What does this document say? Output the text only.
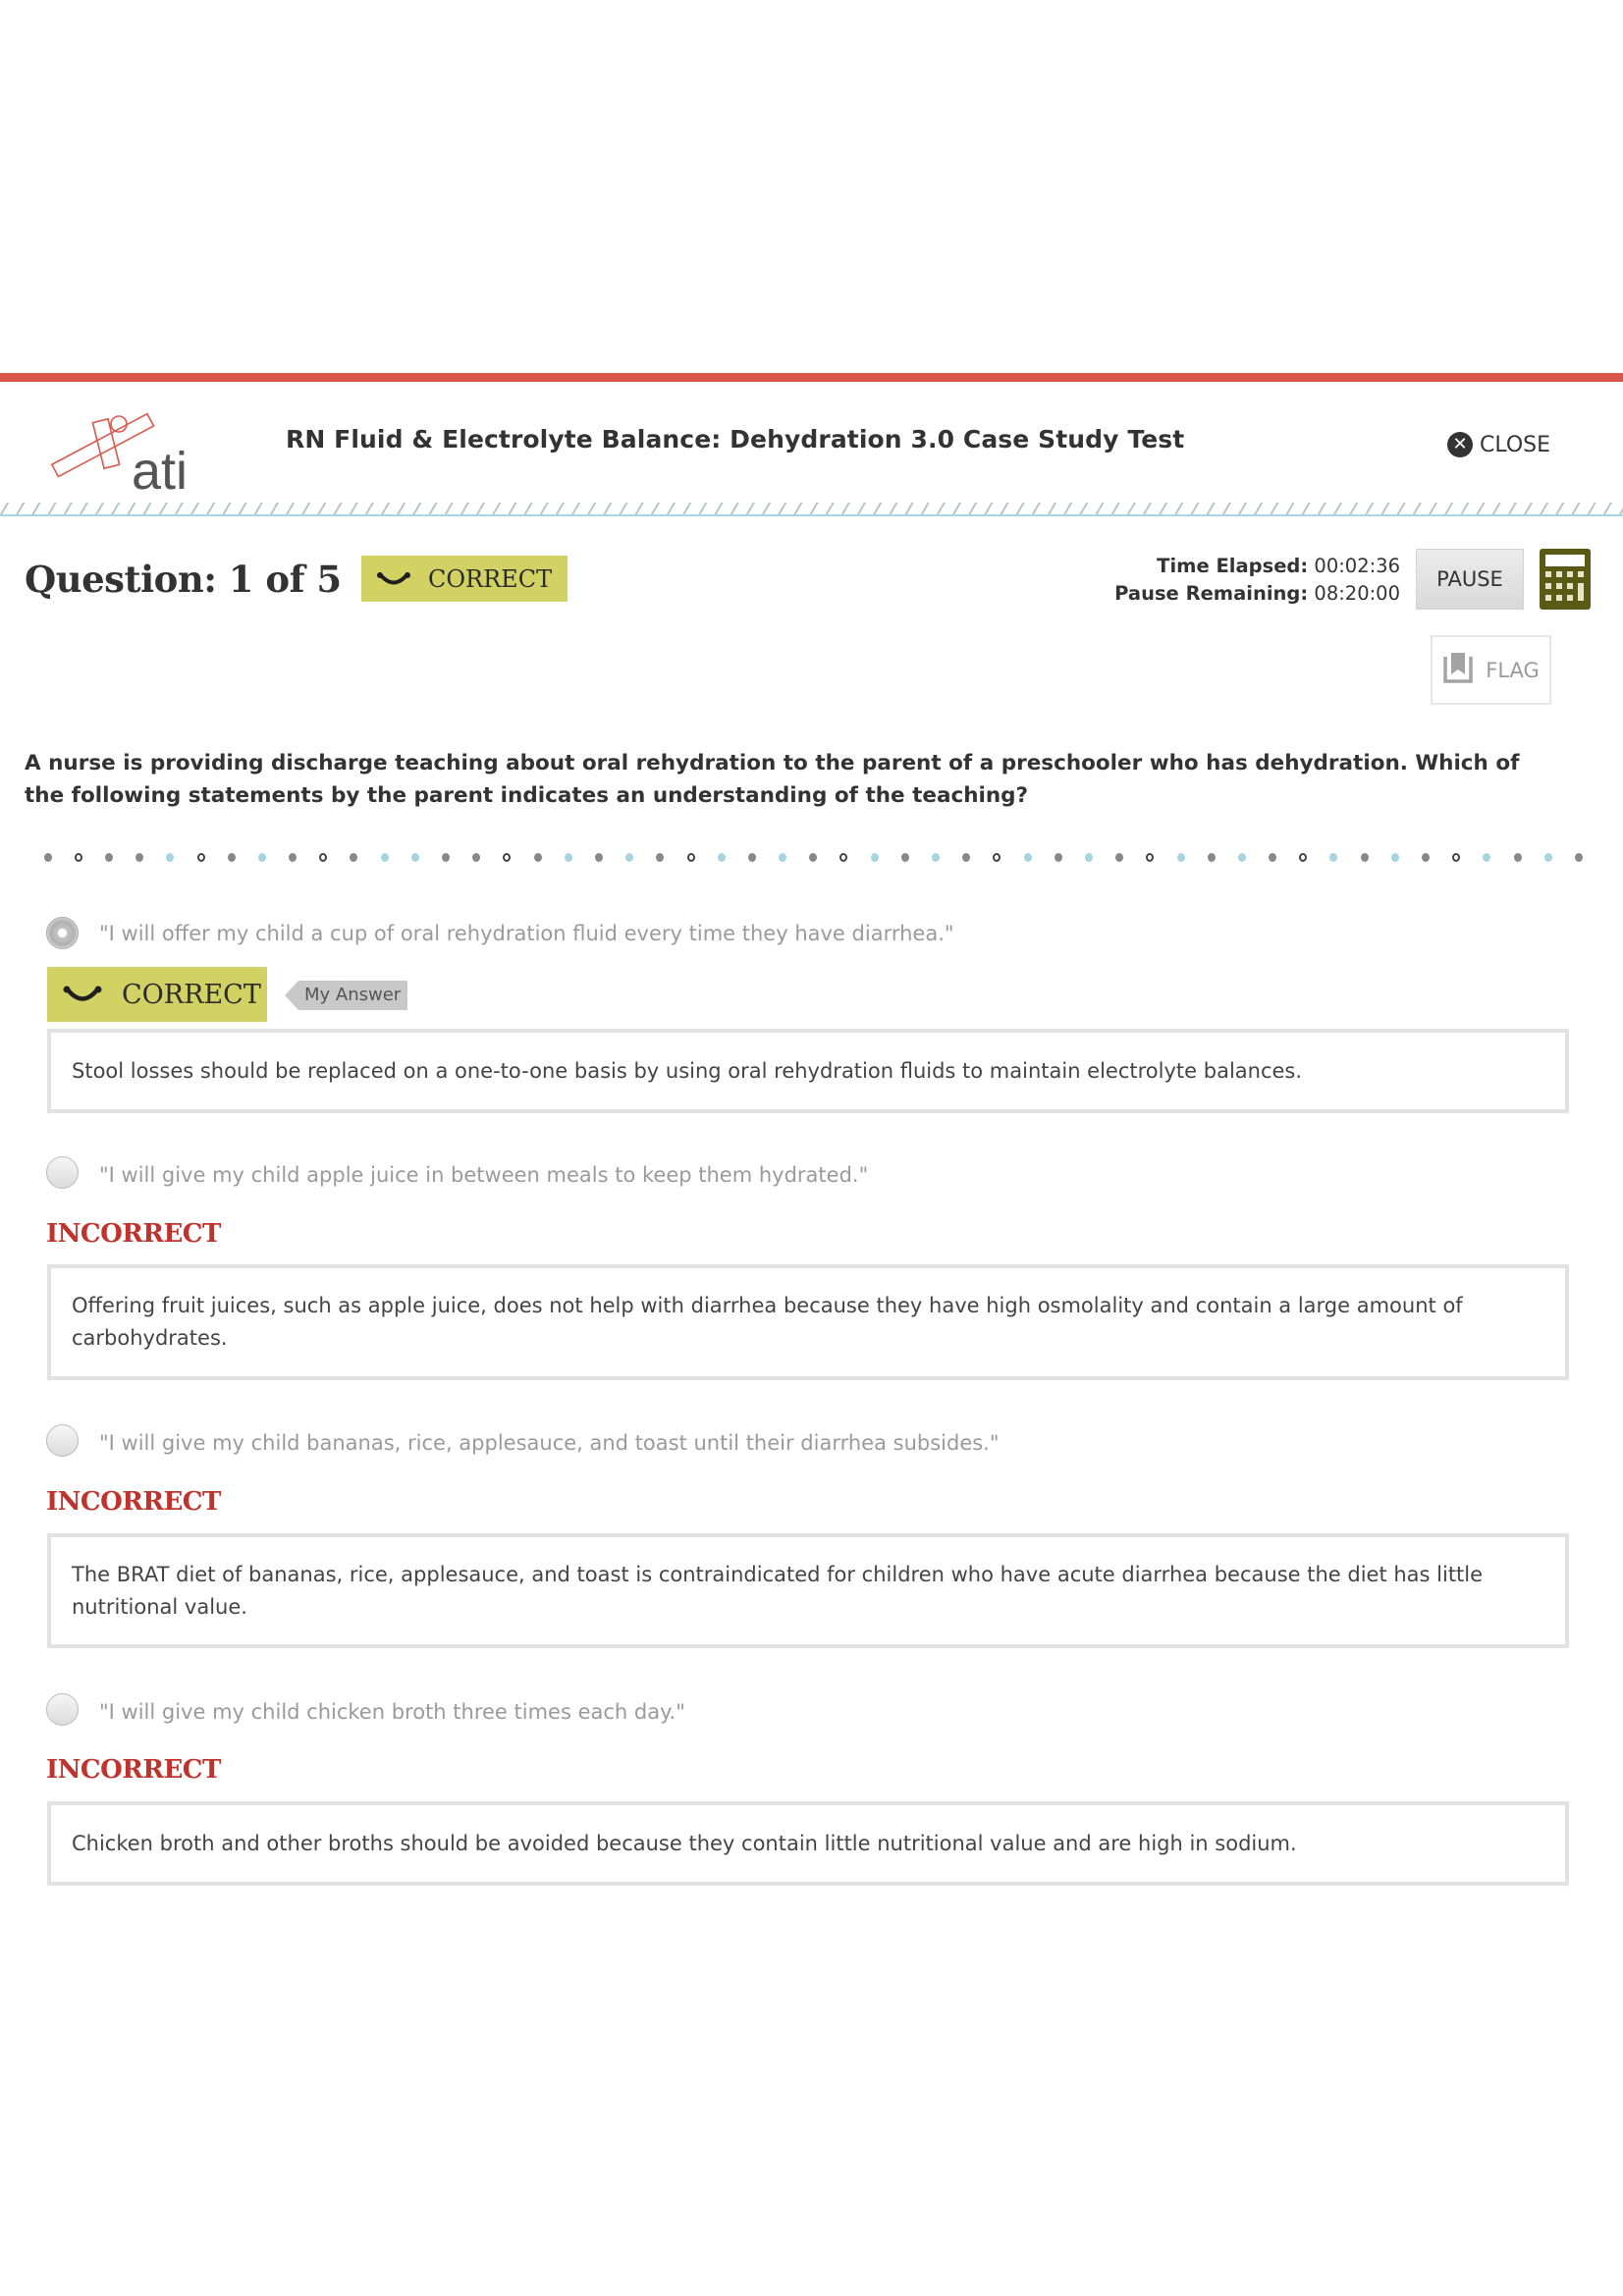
ati
RN Fluid & Electrolyte Balance: Dehydration 3.0 Case Study Test	✕ CLOSE
Question: 1 of 5	CORRECT	Time Elapsed: 00:02:36
Pause Remaining: 08:20:00
PAUSE
FLAG
A nurse is providing discharge teaching about oral rehydration to the parent of a preschooler who has dehydration. Which of the following statements by the parent indicates an understanding of the teaching?
"I will offer my child a cup of oral rehydration fluid every time they have diarrhea."
CORRECT	My Answer
Stool losses should be replaced on a one-to-one basis by using oral rehydration fluids to maintain electrolyte balances.
"I will give my child apple juice in between meals to keep them hydrated."
INCORRECT
Offering fruit juices, such as apple juice, does not help with diarrhea because they have high osmolality and contain a large amount of carbohydrates.
"I will give my child bananas, rice, applesauce, and toast until their diarrhea subsides."
INCORRECT
The BRAT diet of bananas, rice, applesauce, and toast is contraindicated for children who have acute diarrhea because the diet has little nutritional value.
"I will give my child chicken broth three times each day."
INCORRECT
Chicken broth and other broths should be avoided because they contain little nutritional value and are high in sodium.
